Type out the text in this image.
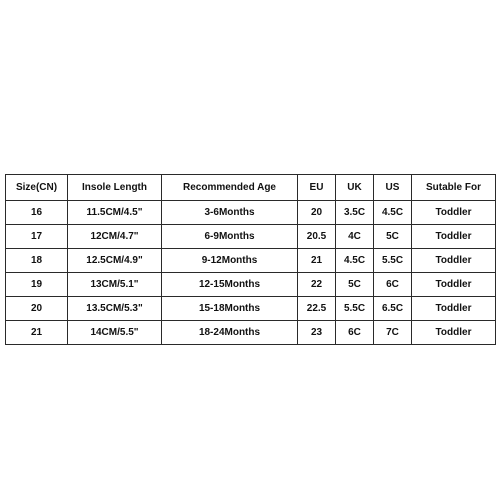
Size(CN)	Insole Length	Recommended Age	EU	UK	US	Sutable For
16	11.5CM/4.5"	3-6Months	20	3.5C	4.5C	Toddler
17	12CM/4.7"	6-9Months	20.5	4C	5C	Toddler
18	12.5CM/4.9"	9-12Months	21	4.5C	5.5C	Toddler
19	13CM/5.1"	12-15Months	22	5C	6C	Toddler
20	13.5CM/5.3"	15-18Months	22.5	5.5C	6.5C	Toddler
21	14CM/5.5"	18-24Months	23	6C	7C	Toddler
